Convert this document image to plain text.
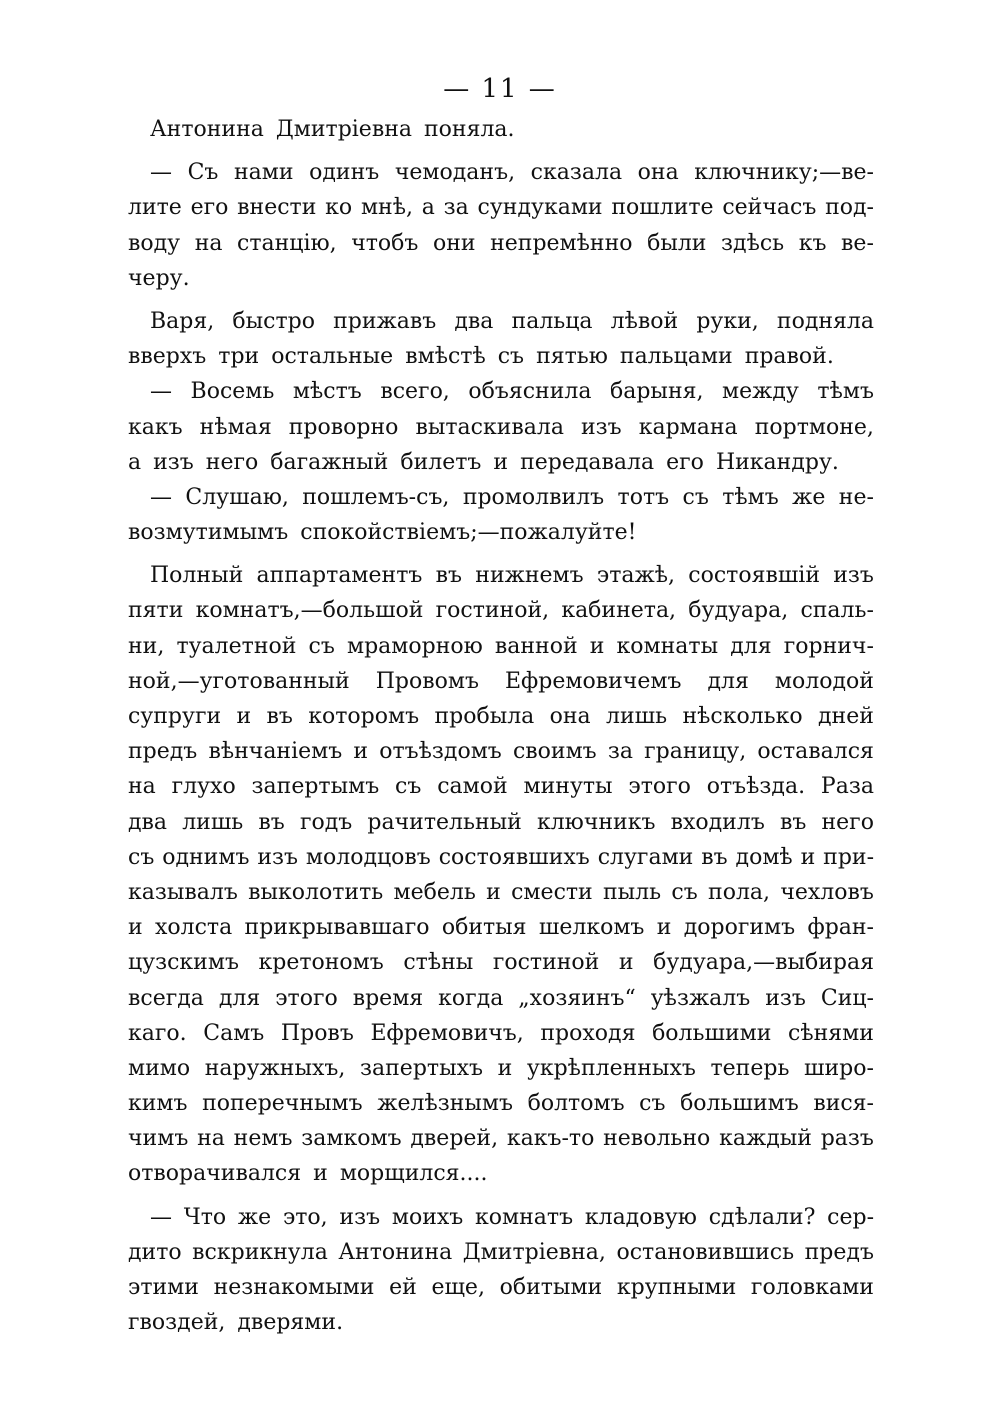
— 11 —
Антонина Дмитрiевна поняла.
— Съ нами одинъ чемоданъ, сказала она ключнику;—ве-
лите его внести ко мнѣ, а за сундуками пошлите сейчасъ под-
воду на станцiю, чтобъ они непремѣнно были здѣсь къ ве-
черу.
Варя, быстро прижавъ два пальца лѣвой руки, подняла
вверхъ три остальные вмѣстѣ съ пятью пальцами правой.
— Восемь мѣстъ всего, объяснила барыня, между тѣмъ
какъ нѣмая проворно вытаскивала изъ кармана портмоне,
а изъ него багажный билетъ и передавала его Никандру.
— Слушаю, пошлемъ-съ, промолвилъ тотъ съ тѣмъ же не-
возмутимымъ спокойствiемъ;—пожалуйте!
Полный аппартаментъ въ нижнемъ этажѣ, состоявшiй изъ
пяти комнатъ,—большой гостиной, кабинета, будуара, спаль-
ни, туалетной съ мраморною ванной и комнаты для горнич-
ной,—уготованный Провомъ Ефремовичемъ для молодой
супруги и въ которомъ пробыла она лишь нѣсколько дней
предъ вѣнчанiемъ и отъѣздомъ своимъ за границу, оставался
на глухо запертымъ съ самой минуты этого отъѣзда. Раза
два лишь въ годъ рачительный ключникъ входилъ въ него
съ однимъ изъ молодцовъ состоявшихъ слугами въ домѣ и при-
казывалъ выколотить мебель и смести пыль съ пола, чехловъ
и холста прикрывавшаго обитыя шелкомъ и дорогимъ фран-
цузскимъ кретономъ стѣны гостиной и будуара,—выбирая
всегда для этого время когда „хозяинъ“ уѣзжалъ изъ Сиц-
каго. Самъ Провъ Ефремовичъ, проходя большими сѣнями
мимо наружныхъ, запертыхъ и укрѣпленныхъ теперь широ-
кимъ поперечнымъ желѣзнымъ болтомъ съ большимъ вися-
чимъ на немъ замкомъ дверей, какъ-то невольно каждый разъ
отворачивался и морщился....
— Что же это, изъ моихъ комнатъ кладовую сдѣлали? сер-
дито вскрикнула Антонина Дмитрiевна, остановившись предъ
этими незнакомыми ей еще, обитыми крупными головками
гвоздей, дверями.
